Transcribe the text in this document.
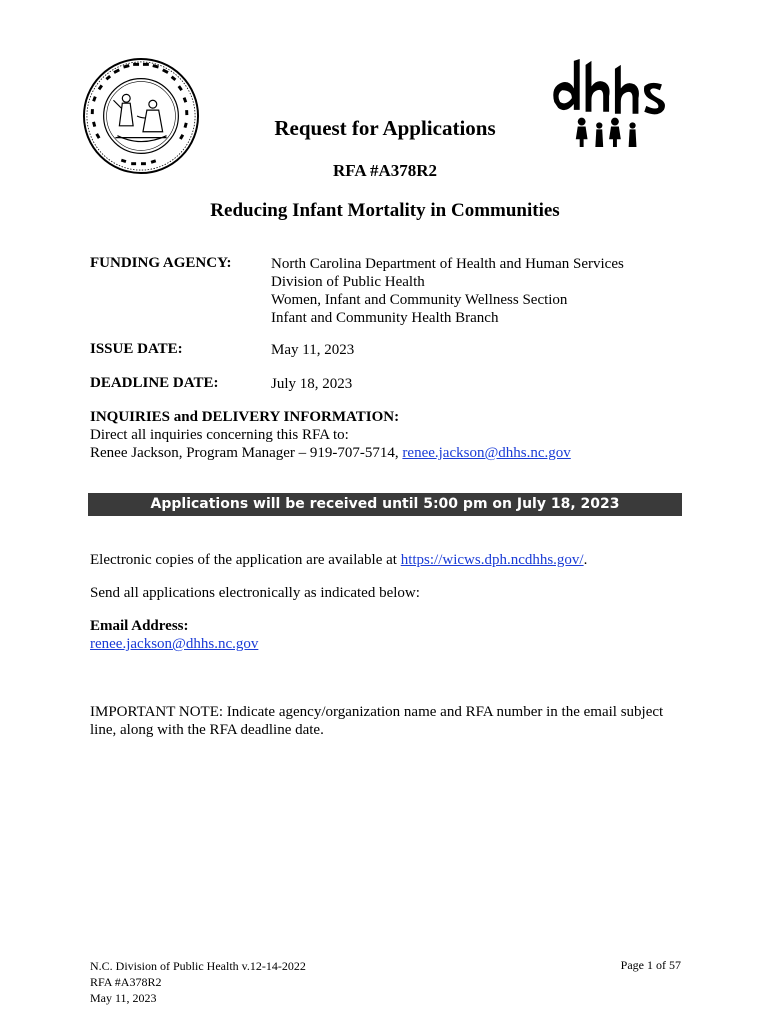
Request for Applications
RFA #A378R2
Reducing Infant Mortality in Communities
FUNDING AGENCY:	North Carolina Department of Health and Human Services
Division of Public Health
Women, Infant and Community Wellness Section
Infant and Community Health Branch
ISSUE DATE:	May 11, 2023
DEADLINE DATE:	July 18, 2023
INQUIRIES and DELIVERY INFORMATION:
Direct all inquiries concerning this RFA to:
Renee Jackson, Program Manager – 919-707-5714, renee.jackson@dhhs.nc.gov
Applications will be received until 5:00 pm on July 18, 2023
Electronic copies of the application are available at https://wicws.dph.ncdhhs.gov/.
Send all applications electronically as indicated below:
Email Address:
renee.jackson@dhhs.nc.gov
IMPORTANT NOTE: Indicate agency/organization name and RFA number in the email subject
line, along with the RFA deadline date.
N.C. Division of Public Health v.12-14-2022
RFA #A378R2
May 11, 2023
Page 1 of 57
